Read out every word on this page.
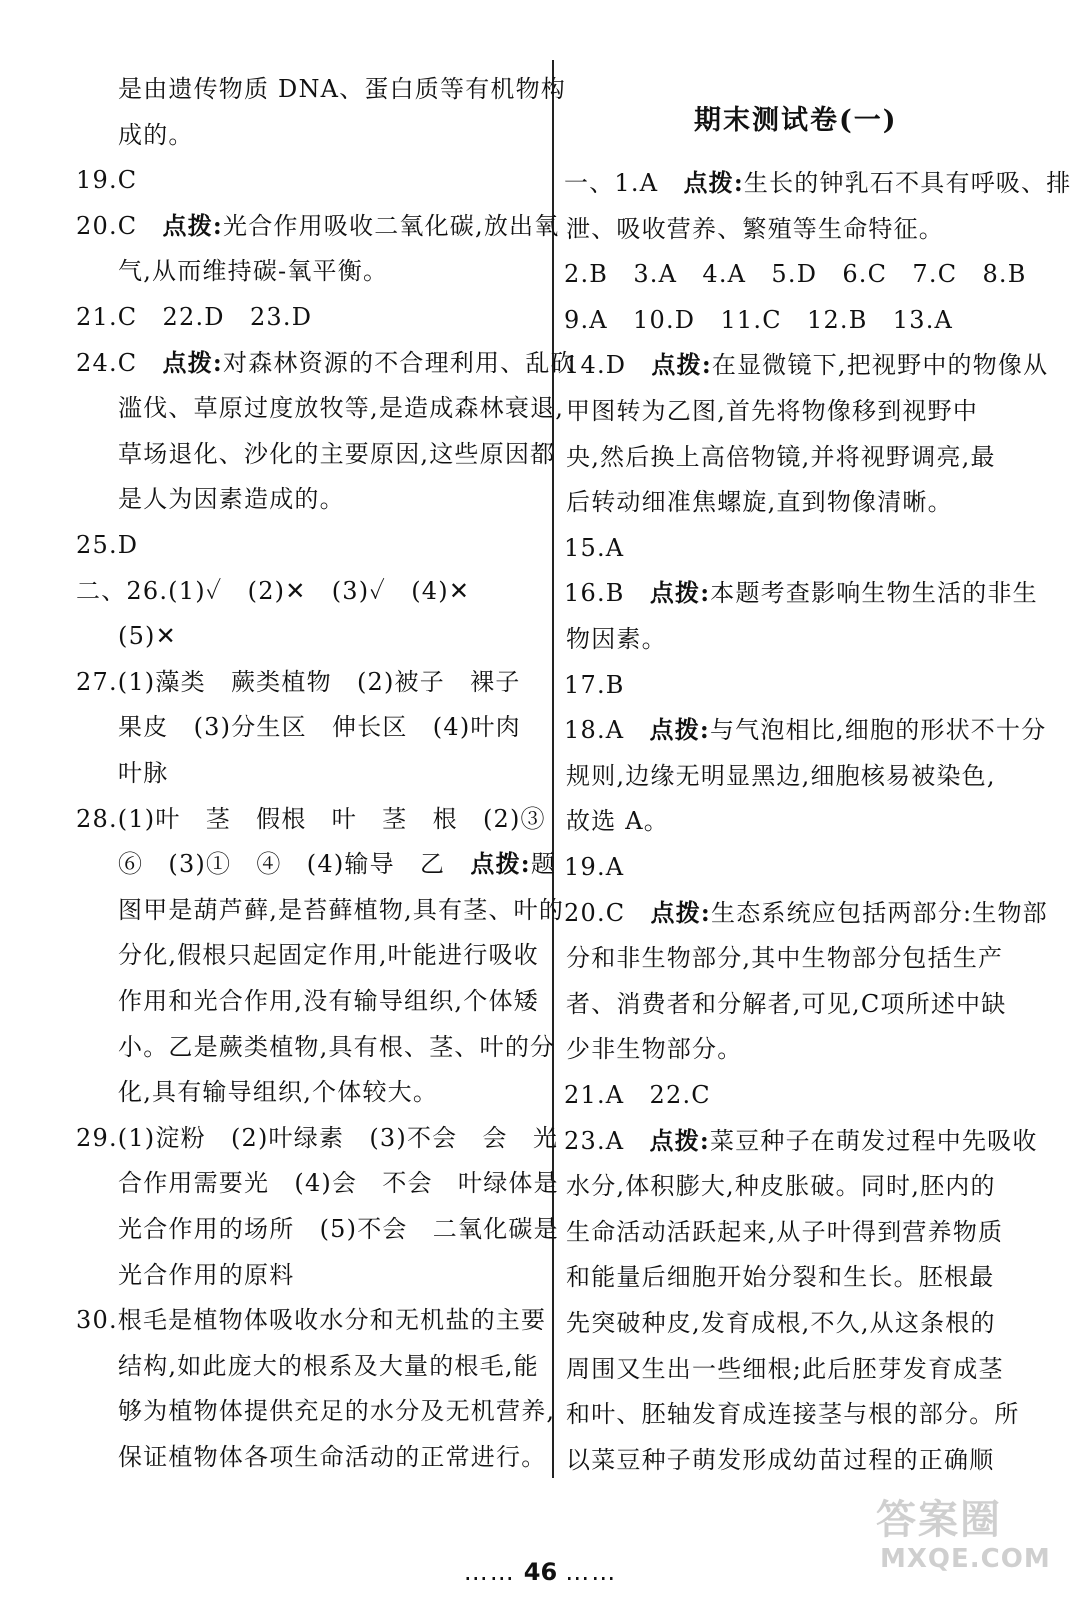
是由遗传物质 DNA、蛋白质等有机物构
成的。
19.C
20.C　点拨:光合作用吸收二氧化碳,放出氧
气,从而维持碳-氧平衡。
21.C　22.D　23.D
24.C　点拨:对森林资源的不合理利用、乱砍
滥伐、草原过度放牧等,是造成森林衰退,
草场退化、沙化的主要原因,这些原因都
是人为因素造成的。
25.D
二、26.(1)✓　(2)✕　(3)✓　(4)✕
(5)✕
27.(1)藻类　蕨类植物　(2)被子　裸子
果皮　(3)分生区　伸长区　(4)叶肉
叶脉
28.(1)叶　茎　假根　叶　茎　根　(2)③
⑥　(3)①　④　(4)输导　乙　点拨:题
图甲是葫芦藓,是苔藓植物,具有茎、叶的
分化,假根只起固定作用,叶能进行吸收
作用和光合作用,没有输导组织,个体矮
小。乙是蕨类植物,具有根、茎、叶的分
化,具有输导组织,个体较大。
29.(1)淀粉　(2)叶绿素　(3)不会　会　光
合作用需要光　(4)会　不会　叶绿体是
光合作用的场所　(5)不会　二氧化碳是
光合作用的原料
30.根毛是植物体吸收水分和无机盐的主要
结构,如此庞大的根系及大量的根毛,能
够为植物体提供充足的水分及无机营养,
保证植物体各项生命活动的正常进行。
期末测试卷(一)
一、1.A　点拨:生长的钟乳石不具有呼吸、排
泄、吸收营养、繁殖等生命特征。
2.B　3.A　4.A　5.D　6.C　7.C　8.B
9.A　10.D　11.C　12.B　13.A
14.D　点拨:在显微镜下,把视野中的物像从
甲图转为乙图,首先将物像移到视野中
央,然后换上高倍物镜,并将视野调亮,最
后转动细准焦螺旋,直到物像清晰。
15.A
16.B　点拨:本题考查影响生物生活的非生
物因素。
17.B
18.A　点拨:与气泡相比,细胞的形状不十分
规则,边缘无明显黑边,细胞核易被染色,
故选 A。
19.A
20.C　点拨:生态系统应包括两部分:生物部
分和非生物部分,其中生物部分包括生产
者、消费者和分解者,可见,C项所述中缺
少非生物部分。
21.A　22.C
23.A　点拨:菜豆种子在萌发过程中先吸收
水分,体积膨大,种皮胀破。同时,胚内的
生命活动活跃起来,从子叶得到营养物质
和能量后细胞开始分裂和生长。胚根最
先突破种皮,发育成根,不久,从这条根的
周围又生出一些细根;此后胚芽发育成茎
和叶、胚轴发育成连接茎与根的部分。所
以菜豆种子萌发形成幼苗过程的正确顺
…… 46 ……
答案圈
MXQE.COM
